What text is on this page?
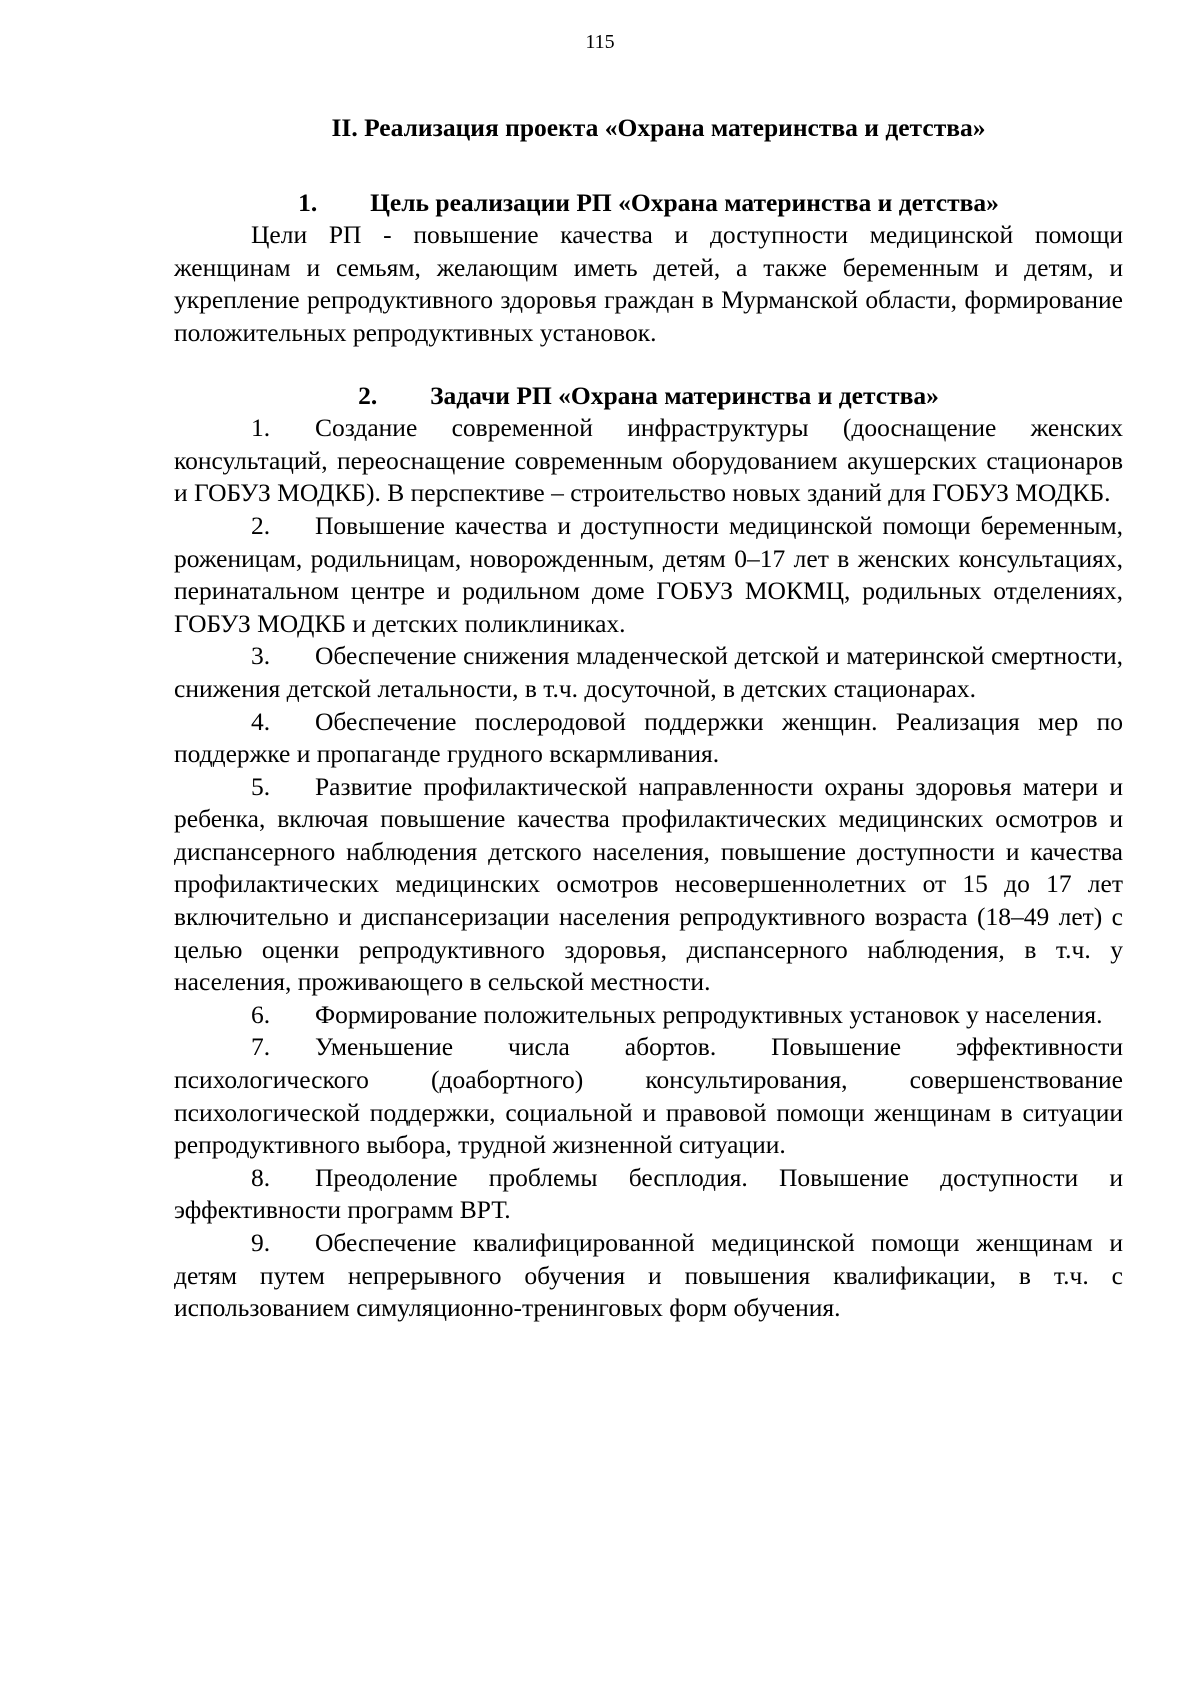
115

II. Реализация проекта «Охрана материнства и детства»

1. Цель реализации РП «Охрана материнства и детства»

Цели РП - повышение качества и доступности медицинской помощи женщинам и семьям, желающим иметь детей, а также беременным и детям, и укрепление репродуктивного здоровья граждан в Мурманской области, формирование положительных репродуктивных установок.

2. Задачи РП «Охрана материнства и детства»

1. Создание современной инфраструктуры (дооснащение женских консультаций, переоснащение современным оборудованием акушерских стационаров и ГОБУЗ МОДКБ). В перспективе – строительство новых зданий для ГОБУЗ МОДКБ.

2. Повышение качества и доступности медицинской помощи беременным, роженицам, родильницам, новорожденным, детям 0–17 лет в женских консультациях, перинатальном центре и родильном доме ГОБУЗ МОКМЦ, родильных отделениях, ГОБУЗ МОДКБ и детских поликлиниках.

3. Обеспечение снижения младенческой детской и материнской смертности, снижения детской летальности, в т.ч. досуточной, в детских стационарах.

4. Обеспечение послеродовой поддержки женщин. Реализация мер по поддержке и пропаганде грудного вскармливания.

5. Развитие профилактической направленности охраны здоровья матери и ребенка, включая повышение качества профилактических медицинских осмотров и диспансерного наблюдения детского населения, повышение доступности и качества профилактических медицинских осмотров несовершеннолетних от 15 до 17 лет включительно и диспансеризации населения репродуктивного возраста (18–49 лет) с целью оценки репродуктивного здоровья, диспансерного наблюдения, в т.ч. у населения, проживающего в сельской местности.

6. Формирование положительных репродуктивных установок у населения.

7. Уменьшение числа абортов. Повышение эффективности психологического (доабортного) консультирования, совершенствование психологической поддержки, социальной и правовой помощи женщинам в ситуации репродуктивного выбора, трудной жизненной ситуации.

8. Преодоление проблемы бесплодия. Повышение доступности и эффективности программ ВРТ.

9. Обеспечение квалифицированной медицинской помощи женщинам и детям путем непрерывного обучения и повышения квалификации, в т.ч. с использованием симуляционно-тренинговых форм обучения.
